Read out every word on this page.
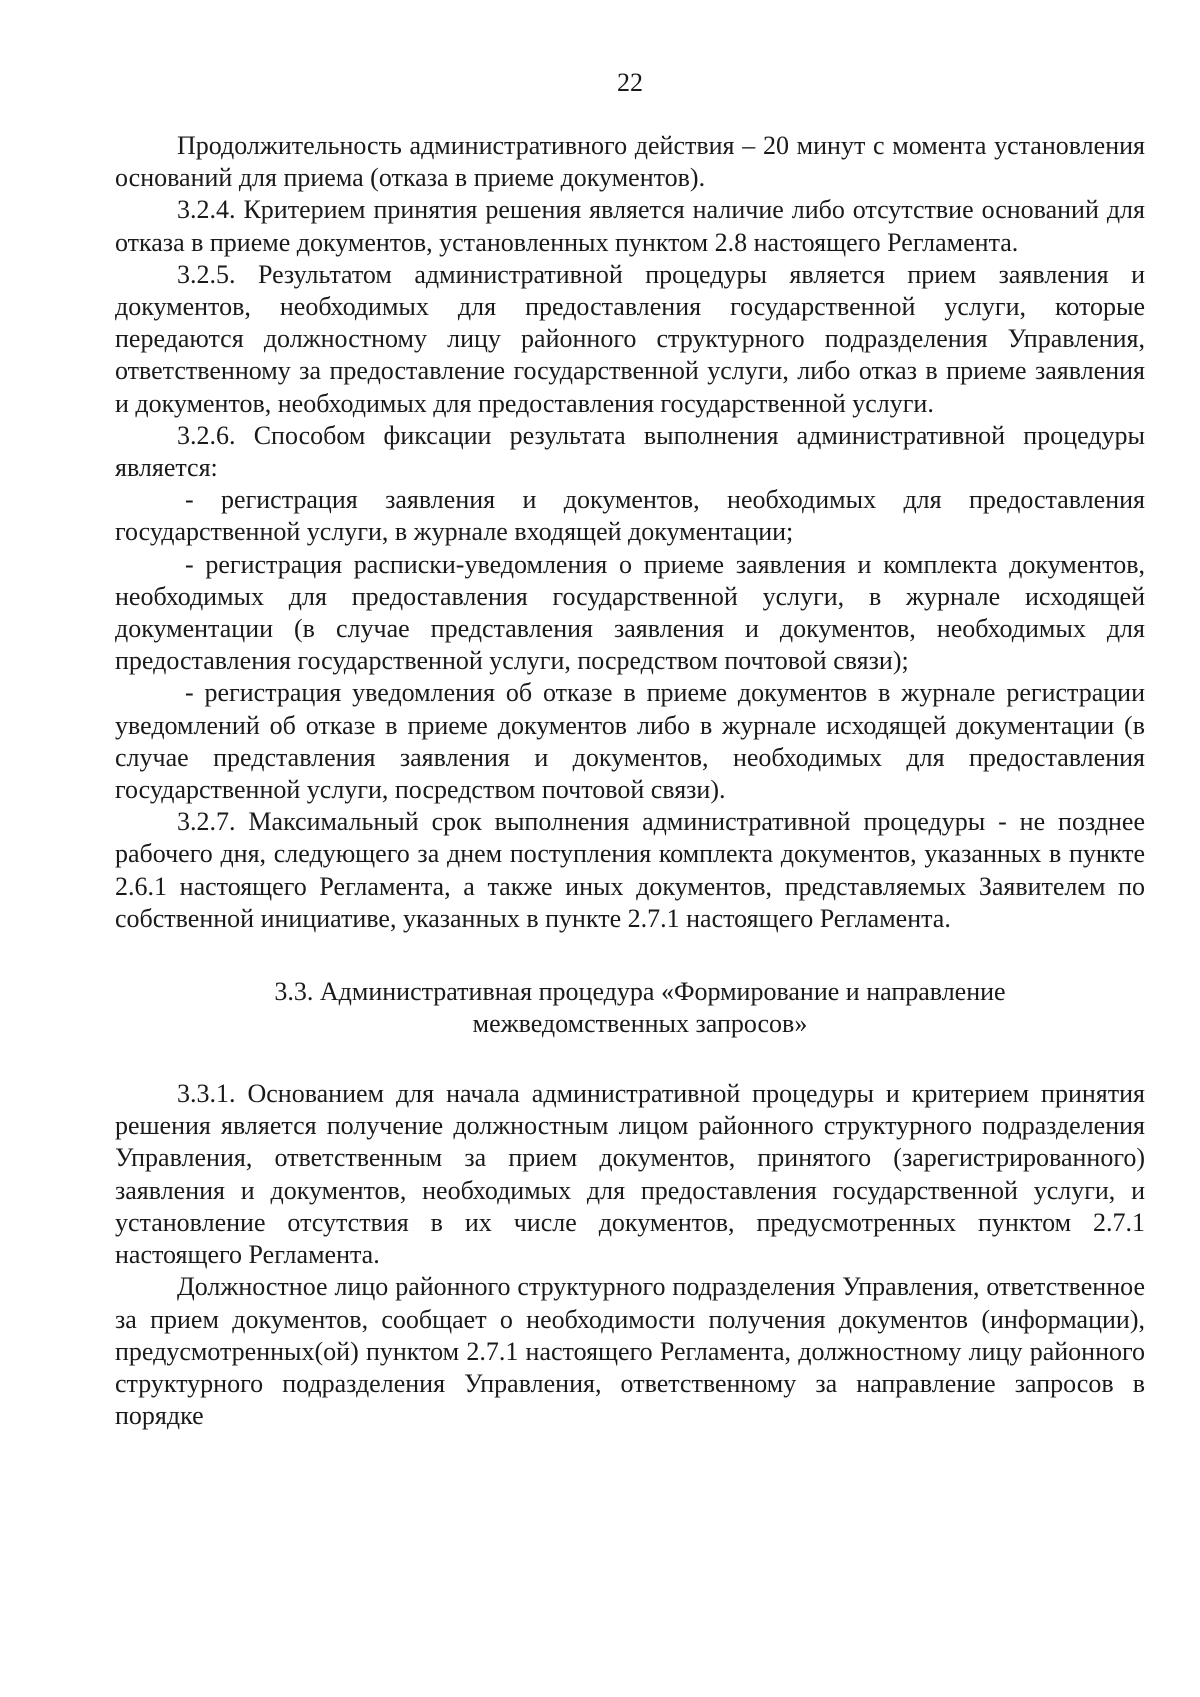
22

Продолжительность административного действия – 20 минут с момента установления оснований для приема (отказа в приеме документов).

3.2.4. Критерием принятия решения является наличие либо отсутствие оснований для отказа в приеме документов, установленных пунктом 2.8 настоящего Регламента.

3.2.5. Результатом административной процедуры является прием заявления и документов, необходимых для предоставления государственной услуги, которые передаются должностному лицу районного структурного подразделения Управления, ответственному за предоставление государственной услуги, либо отказ в приеме заявления и документов, необходимых для предоставления государственной услуги.

3.2.6. Способом фиксации результата выполнения административной процедуры является:

- регистрация заявления и документов, необходимых для предоставления государственной услуги, в журнале входящей документации;

- регистрация расписки-уведомления о приеме заявления и комплекта документов, необходимых для предоставления государственной услуги, в журнале исходящей документации (в случае представления заявления и документов, необходимых для предоставления государственной услуги, посредством почтовой связи);

- регистрация уведомления об отказе в приеме документов в журнале регистрации уведомлений об отказе в приеме документов либо в журнале исходящей документации (в случае представления заявления и документов, необходимых для предоставления государственной услуги, посредством почтовой связи).

3.2.7. Максимальный срок выполнения административной процедуры - не позднее рабочего дня, следующего за днем поступления комплекта документов, указанных в пункте 2.6.1 настоящего Регламента, а также иных документов, представляемых Заявителем по собственной инициативе, указанных в пункте 2.7.1 настоящего Регламента.

3.3. Административная процедура «Формирование и направление
межведомственных запросов»

3.3.1. Основанием для начала административной процедуры и критерием принятия решения является получение должностным лицом районного структурного подразделения Управления, ответственным за прием документов, принятого (зарегистрированного) заявления и документов, необходимых для предоставления государственной услуги, и установление отсутствия в их числе документов, предусмотренных пунктом 2.7.1 настоящего Регламента.

Должностное лицо районного структурного подразделения Управления, ответственное за прием документов, сообщает о необходимости получения документов (информации), предусмотренных(ой) пунктом 2.7.1 настоящего Регламента, должностному лицу районного структурного подразделения Управления, ответственному за направление запросов в порядке
